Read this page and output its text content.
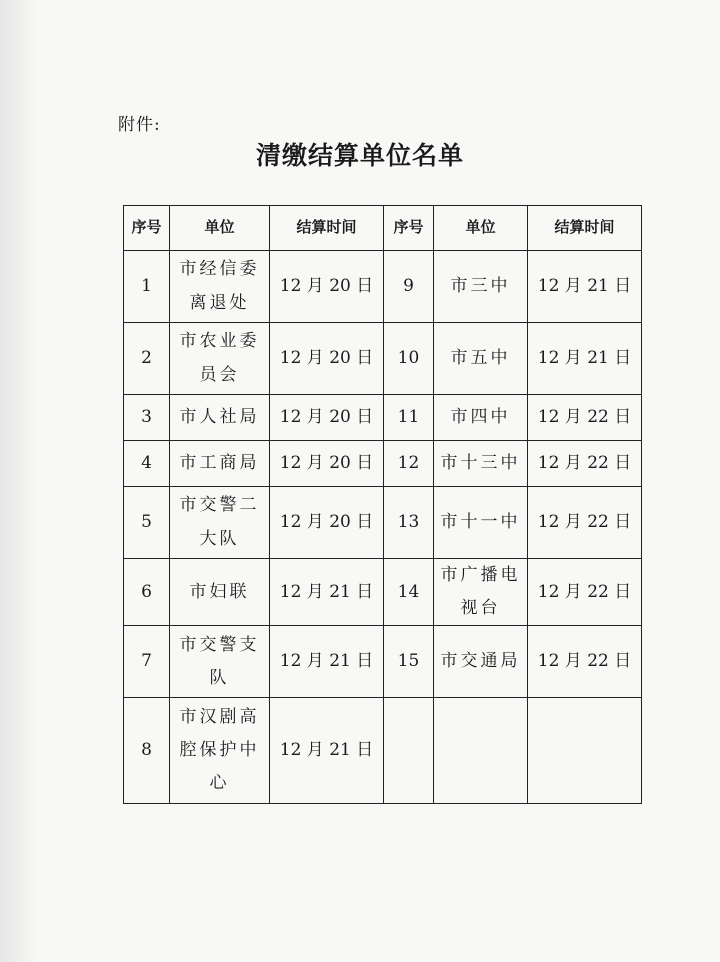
附件:
清缴结算单位名单
序号	单位	结算时间	序号	单位	结算时间
1	市经信委
离退处	12 月 20 日	9	市三中	12 月 21 日
2	市农业委
员会	12 月 20 日	10	市五中	12 月 21 日
3	市人社局	12 月 20 日	11	市四中	12 月 22 日
4	市工商局	12 月 20 日	12	市十三中	12 月 22 日
5	市交警二
大队	12 月 20 日	13	市十一中	12 月 22 日
6	市妇联	12 月 21 日	14	市广播电
视台	12 月 22 日
7	市交警支
队	12 月 21 日	15	市交通局	12 月 22 日
8	市汉剧高
腔保护中
心	12 月 21 日		
